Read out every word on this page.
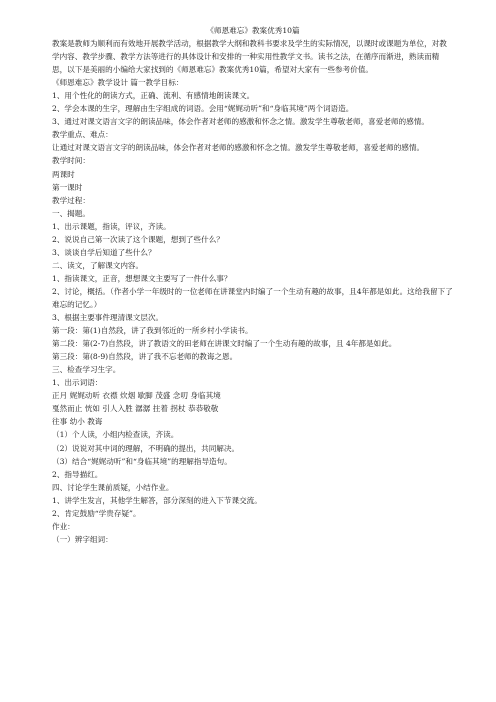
《师恩难忘》教案优秀10篇

教案是教师为顺利而有效地开展教学活动，根据教学大纲和教科书要求及学生的实际情况，以课时或课题为单位，对教学内容、教学步骤、教学方法等进行的具体设计和安排的一种实用性教学文书。读书之法，在循序而渐进，熟读而精思，以下是美丽的小编给大家找到的《师恩难忘》教案优秀10篇，希望对大家有一些参考价值。

《师恩难忘》教学设计 篇一教学目标：

1、用个性化的朗读方式，正确、流利、有感情地朗读课文。

2、学会本课的生字，理解由生字组成的词语。会用“娓娓动听”和“身临其境”两个词语造。

3、通过对课文语言文字的朗读品味，体会作者对老师的感激和怀念之情。激发学生尊敬老师，喜爱老师的感情。

教学重点、难点：

让通过对课文语言文字的朗读品味，体会作者对老师的感激和怀念之情。激发学生尊敬老师，喜爱老师的感情。

教学时间：

两课时

第一课时

教学过程：

一、揭题。

1、出示课题，指读，评议，齐读。

2、说说自己第一次读了这个课题，想到了些什么？

3、谈谈自学后知道了些什么？

二、读文，了解课文内容。

1、指读课文，正音，想想课文主要写了一件什么事？

2、讨论，概括。（作者小学一年级时的一位老师在讲课堂内时编了一个生动有趣的故事，且4年都是如此。这给我留下了难忘的记忆。）

3、根据主要事件理清课文层次。

第一段：第(1)自然段，讲了我到邻近的一所乡村小学读书。

第二段：第(2-7)自然段，讲了教语文的田老师在讲课文时编了一个生动有趣的故事，且 4年都是如此。

第三段：第(8-9)自然段，讲了我不忘老师的教诲之恩。

三、检查学习生字。

1、出示词语：

正月 娓娓动听 衣襟 炊烟 歇脚 茂盛 念叨 身临其境

戛然而止 恍如 引人入胜 潺潺 拄着 拐杖 恭恭敬敬

往事 幼小 教诲

（1）个人读，小组内检查读，齐读。

（2）说说对其中词的理解，不明确的提出，共同解决。

（3）结合“娓娓动听”和“身临其境”的理解指导造句。

2、指导描红。

四、讨论学生课前质疑，小结作业。

1、讲学生发言，其他学生解答，部分深刻的进入下节课交流。

2、肯定鼓励“学贵存疑”。

作业：

（一）辨字组词：
